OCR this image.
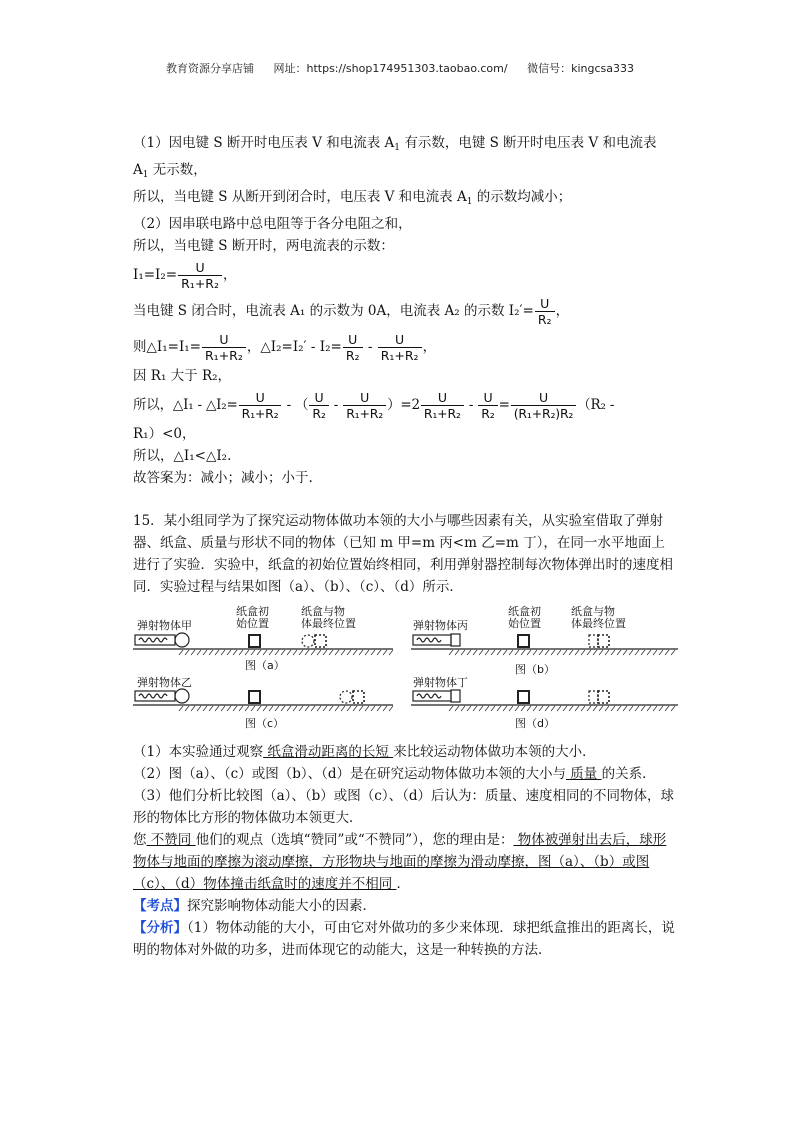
教育资源分享店铺 网址：https://shop174951303.taobao.com/ 微信号：kingcsa333
（1）因电键 S 断开时电压表 V 和电流表 $A_1$ 有示数，电键 S 断开时电压表 V 和电流表
$A_1$ 无示数，
所以，当电键 S 从断开到闭合时，电压表 V 和电流表 $A_1$ 的示数均减小；
（2）因串联电路中总电阻等于各分电阻之和，
所以，当电键 S 断开时，两电流表的示数：
$I_1=I_2= \frac{U}{\text{R₁+R₂}}$ ，
当电键 S 闭合时，电流表 A₁ 的示数为 0A，电流表 A₂ 的示数 $I_2'= \frac{U}{\text{R₂}}$ ，
则△I₁=I₁= $\frac{U}{\text{R₁+R₂}}$ ，△I₂=I₂′ - $I_2= \frac{U}{\text{R₂}} - \frac{U}{\text{R₁+R₂}}$ ，
因 R₁ 大于 R₂，
所以，△I₁ - △I₂= $\frac{U}{\text{R₁+R₂}}$ - （ $\frac{U}{\text{R₂}} - \frac{U}{\text{R₁+R₂}} )=2 \frac{U}{\text{R₁+R₂}} - \frac{U}{\text{R₂}} = \frac{U}{\text{(R₁+R₂)R₂}} (R_2$ -
R₁）<0，
所以，△I₁<△I₂.
故答案为：减小；减小；小于.
15．某小组同学为了探究运动物体做功本领的大小与哪些因素有关，从实验室借取了弹射器、纸盒、质量与形状不同的物体（已知 m 甲=m 丙<m 乙=m 丁），在同一水平地面上进行了实验．实验中，纸盒的初始位置始终相同，利用弹射器控制每次物体弹出时的速度相同．实验过程与结果如图（a）、（b）、（c）、（d）所示．
弹射物体甲
纸盒初
始位置
纸盒与物
体最终位置
图（a）
弹射物体丙
纸盒初
始位置
纸盒与物
体最终位置
图（b）
弹射物体乙
图（c）
弹射物体丁
图（d）
（1）本实验通过观察 纸盒滑动距离的长短 来比较运动物体做功本领的大小．
（2）图（a）、（c）或图（b）、（d）是在研究运动物体做功本领的大小与 质量 的关系．
（3）他们分析比较图（a）、（b）或图（c）、（d）后认为：质量、速度相同的不同物体，球形的物体比方形的物体做功本领更大．
您 不赞同 他们的观点（选填“赞同”或“不赞同”），您的理由是： 物体被弹射出去后，球形物体与地面的摩擦为滚动摩擦，方形物块与地面的摩擦为滑动摩擦，图（a）、（b）或图（c）、（d）物体撞击纸盒时的速度并不相同 ．
【考点】探究影响物体动能大小的因素．
【分析】（1）物体动能的大小，可由它对外做功的多少来体现．球把纸盒推出的距离长，说明的物体对外做的功多，进而体现它的动能大，这是一种转换的方法．
